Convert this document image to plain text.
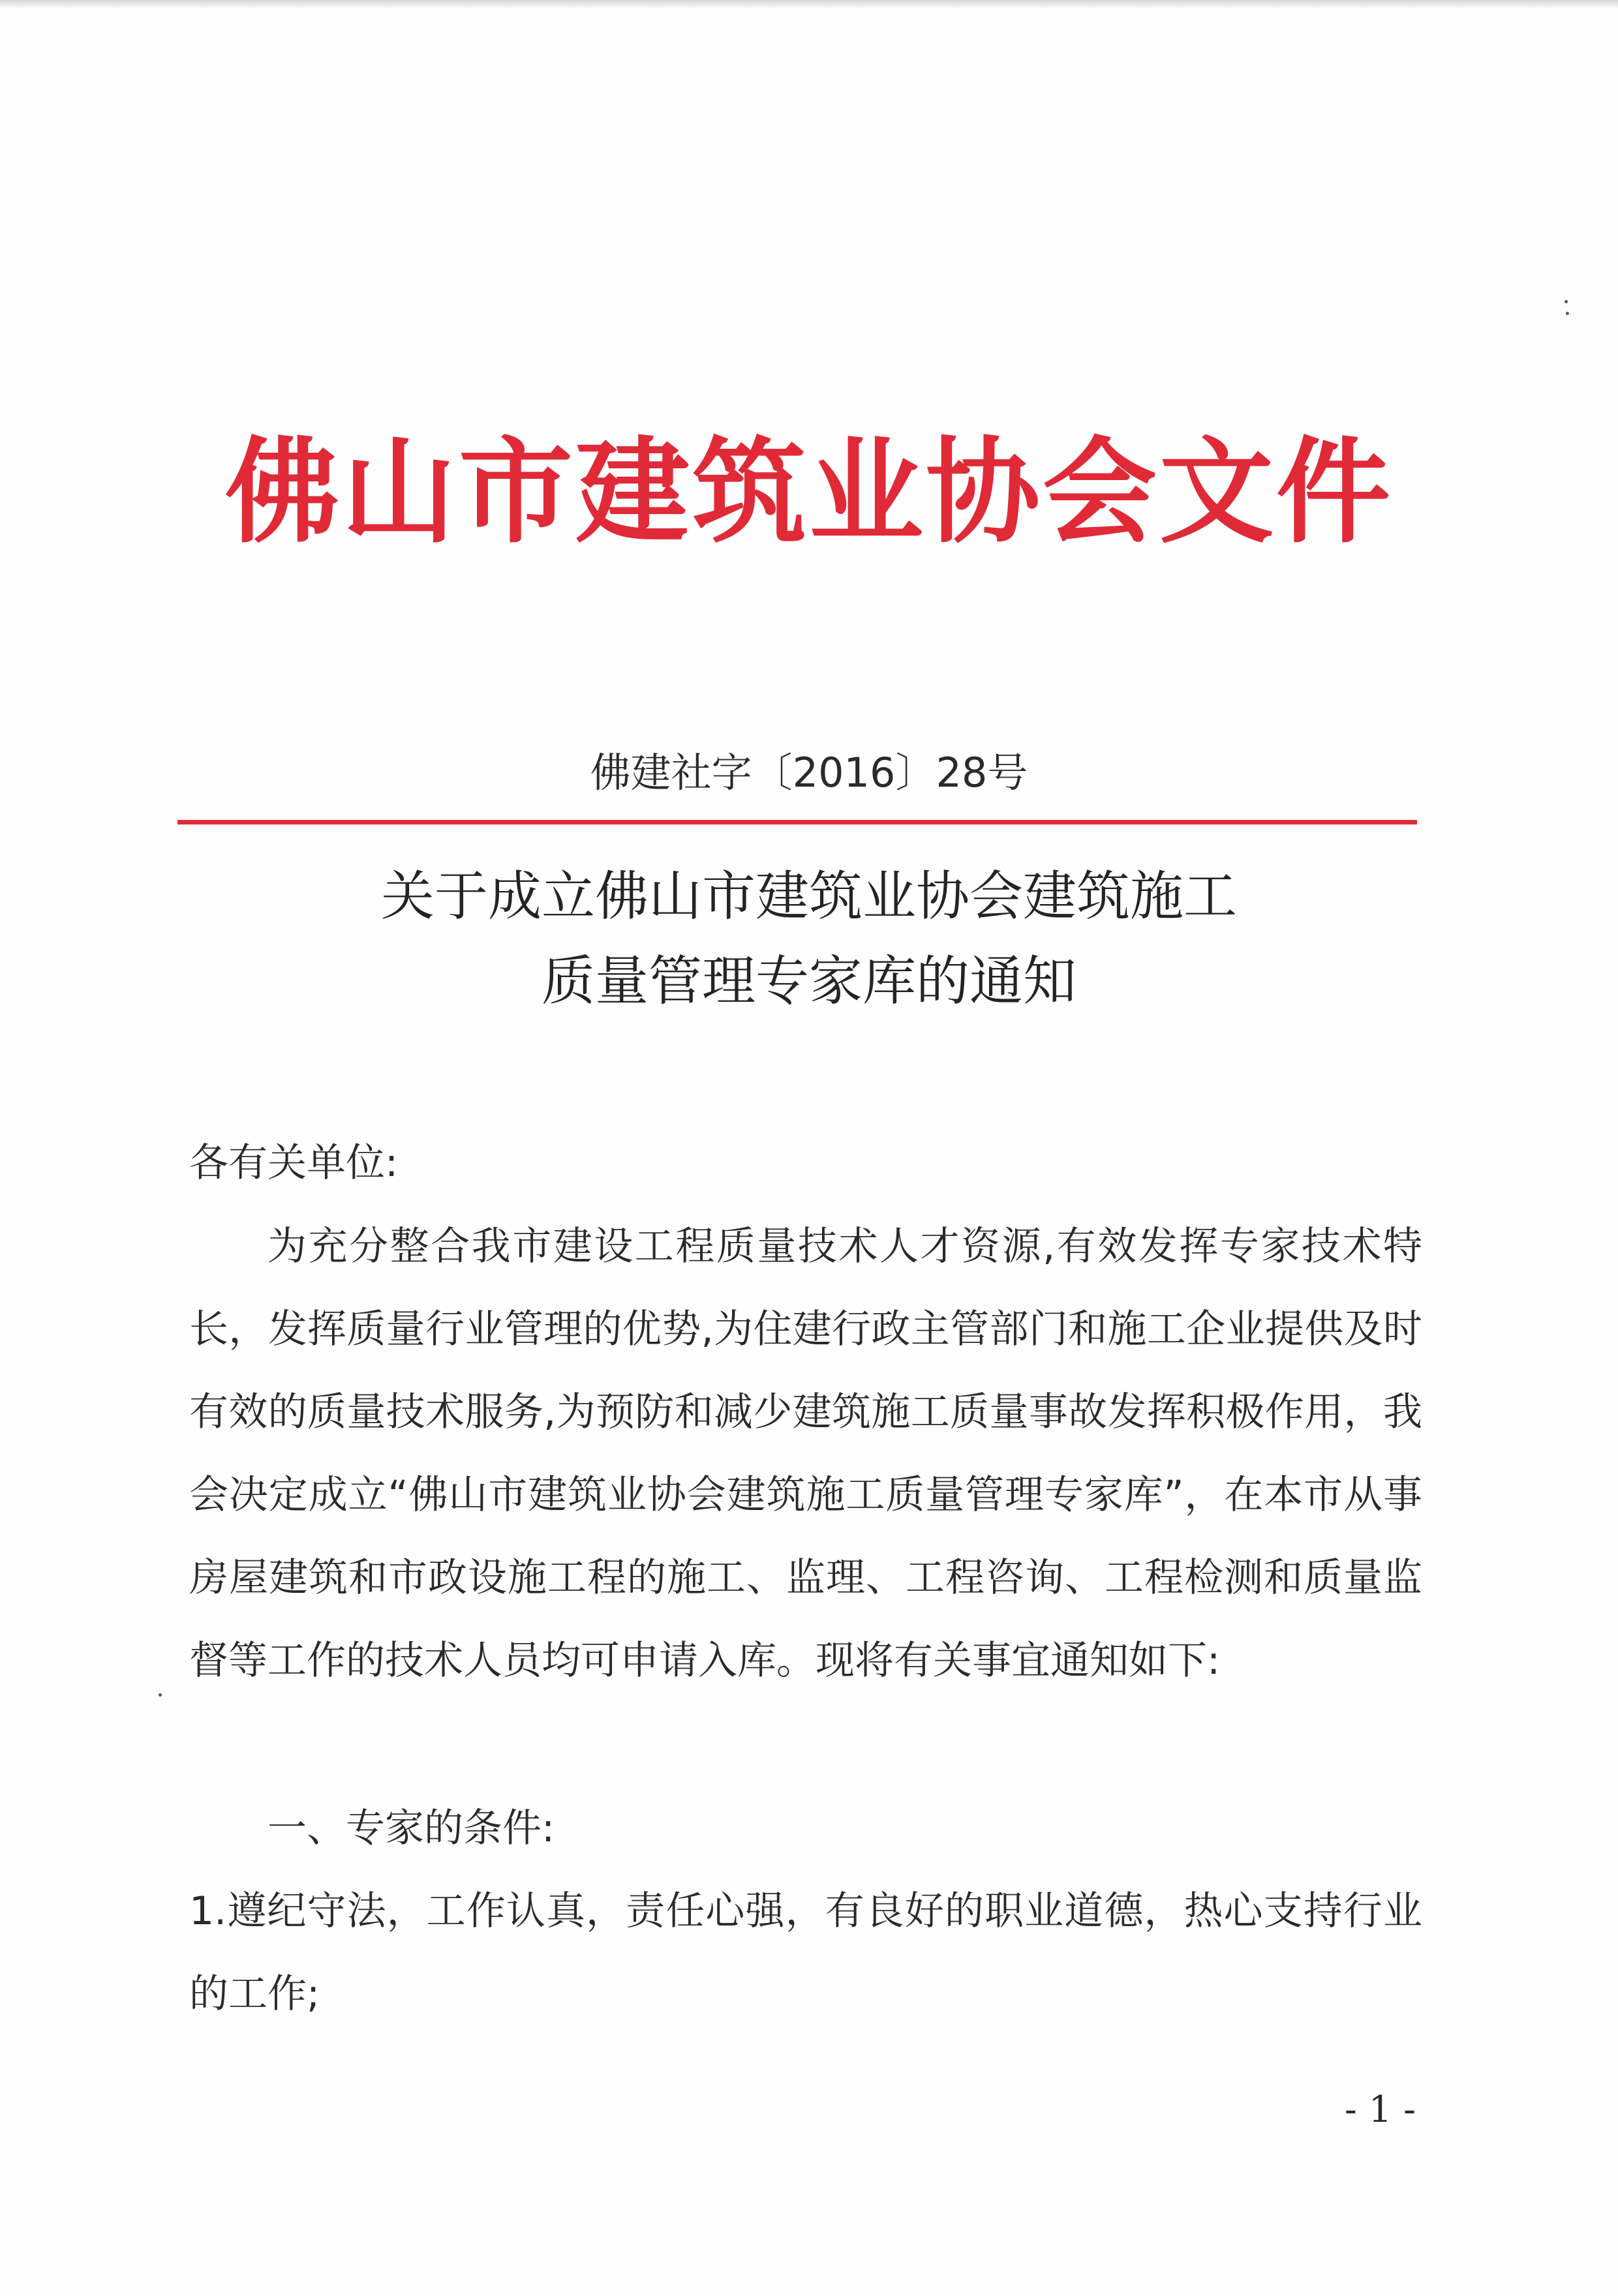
佛山市建筑业协会文件
佛建社字〔2016〕28号
关于成立佛山市建筑业协会建筑施工
质量管理专家库的通知
各有关单位:
为充分整合我市建设工程质量技术人才资源,有效发挥专家技术特长，发挥质量行业管理的优势,为住建行政主管部门和施工企业提供及时有效的质量技术服务,为预防和减少建筑施工质量事故发挥积极作用，我会决定成立“佛山市建筑业协会建筑施工质量管理专家库”，在本市从事房屋建筑和市政设施工程的施工、监理、工程咨询、工程检测和质量监督等工作的技术人员均可申请入库。现将有关事宜通知如下:
一、专家的条件:
1.遵纪守法，工作认真，责任心强，有良好的职业道德，热心支持行业的工作;
- 1 -
